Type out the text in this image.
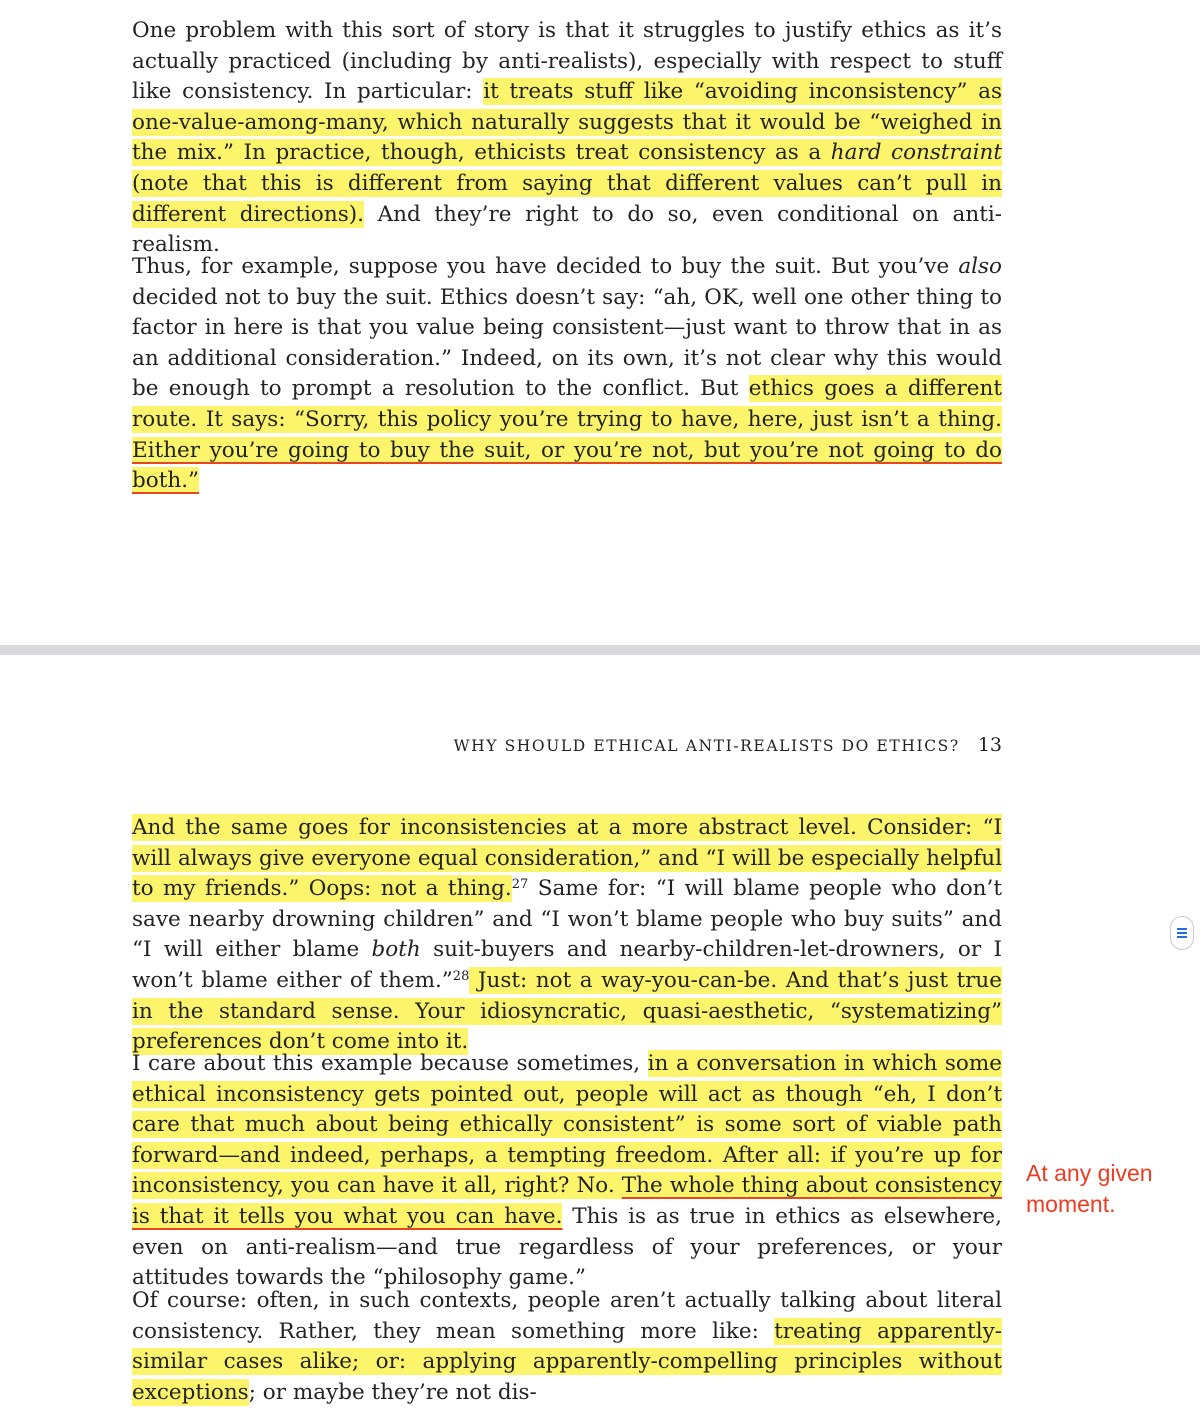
One problem with this sort of story is that it struggles to justify ethics as it’s actually practiced (including by anti-realists), especially with respect to stuff like consistency. In particular: it treats stuff like “avoiding inconsistency” as one-value-among-many, which naturally suggests that it would be “weighed in the mix.” In practice, though, ethicists treat consistency as a hard constraint (note that this is different from saying that different values can’t pull in different directions). And they’re right to do so, even conditional on anti-realism.

Thus, for example, suppose you have decided to buy the suit. But you’ve also decided not to buy the suit. Ethics doesn’t say: “ah, OK, well one other thing to factor in here is that you value being consistent—just want to throw that in as an additional consideration.” Indeed, on its own, it’s not clear why this would be enough to prompt a resolution to the conflict. But ethics goes a different route. It says: “Sorry, this policy you’re trying to have, here, just isn’t a thing. Either you’re going to buy the suit, or you’re not, but you’re not going to do both.”

WHY SHOULD ETHICAL ANTI-REALISTS DO ETHICS? 13

And the same goes for inconsistencies at a more abstract level. Consider: “I will always give everyone equal consideration,” and “I will be especially helpful to my friends.” Oops: not a thing.$^{27}$ Same for: “I will blame people who don’t save nearby drowning children” and “I won’t blame people who buy suits” and “I will either blame both suit-buyers and nearby-children-let-drowners, or I won’t blame either of them.”$^{28}$ Just: not a way-you-can-be. And that’s just true in the standard sense. Your idiosyncratic, quasi-aesthetic, “systematizing” preferences don’t come into it.

I care about this example because sometimes, in a conversation in which some ethical inconsistency gets pointed out, people will act as though “eh, I don’t care that much about being ethically consistent” is some sort of viable path forward—and indeed, perhaps, a tempting freedom. After all: if you’re up for inconsistency, you can have it all, right? No. The whole thing about consistency is that it tells you what you can have. This is as true in ethics as elsewhere, even on anti-realism—and true regardless of your preferences, or your attitudes towards the “philosophy game.”

Of course: often, in such contexts, people aren’t actually talking about literal consistency. Rather, they mean something more like: treating apparently-similar cases alike; or: applying apparently-compelling principles without exceptions; or maybe they’re not dis-

At any given moment.
